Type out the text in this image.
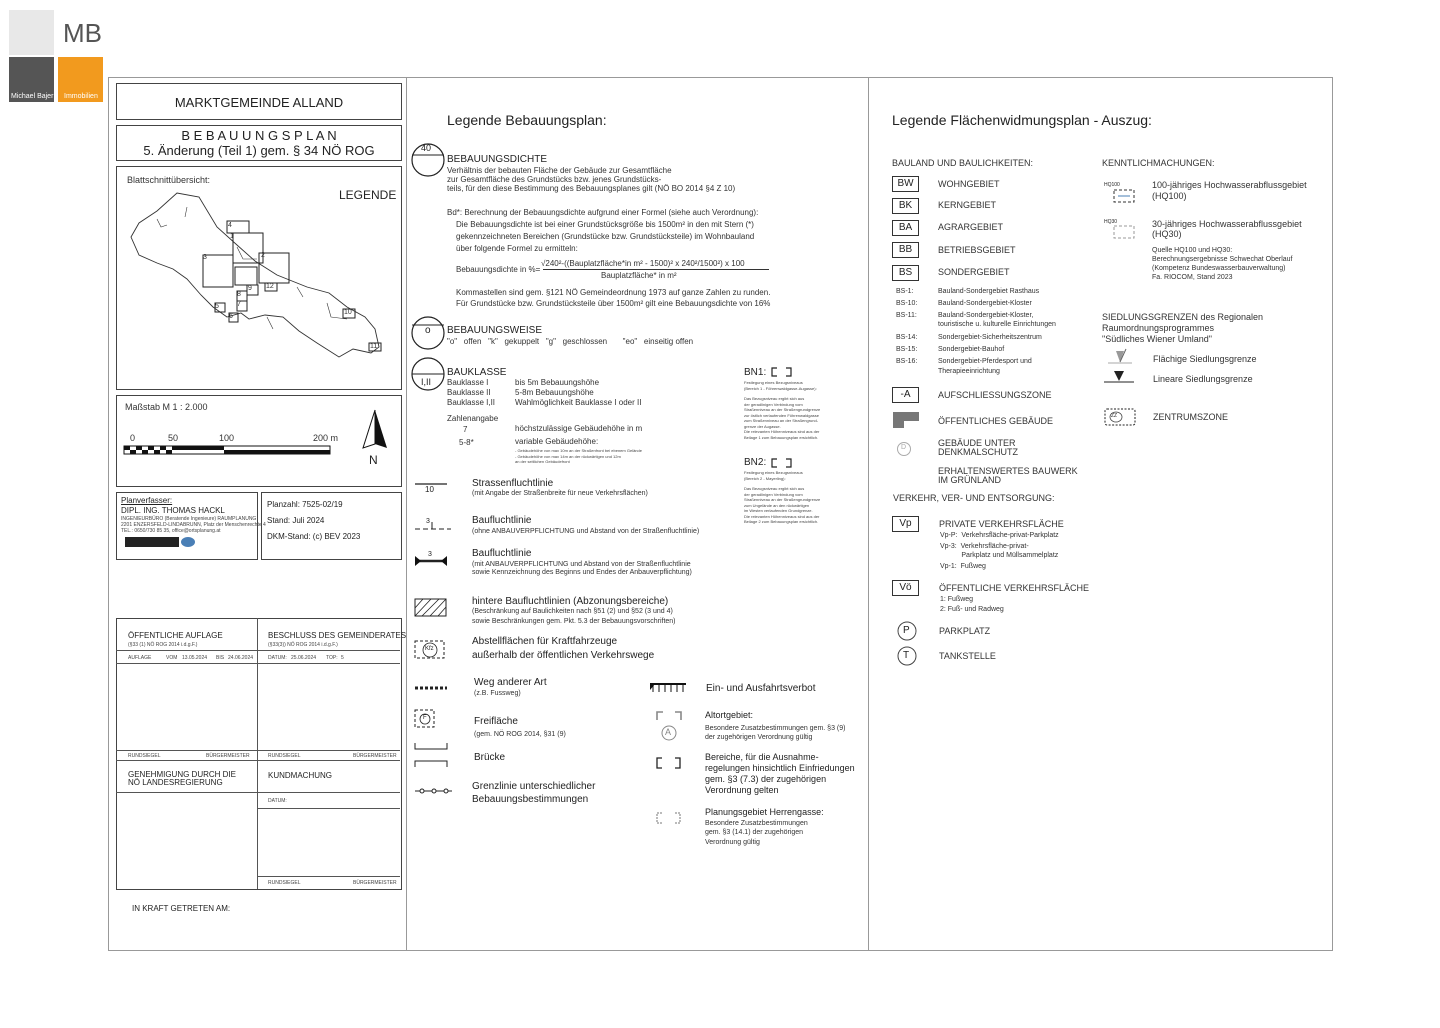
MB
Michael Bajer Immobilien	MARKTGEMEINDE ALLAND
B E B A U U N G S P L A N
5. Änderung (Teil 1) gem. § 34 NÖ ROG
Blattschnittübersicht:
LEGENDE
4
1
3	2
9
8
12
7
5
6
10
11
Maßstab M 1 : 2.000
0	50	100	200 m
N
Planverfasser:
DIPL. ING. THOMAS HACKL
INGENIEURBÜRO (Beratende Ingenieure) RAUMPLANUNG
2201 ENZERSFELD-LINDABRUNN, Platz der Menschenrechte 4
TEL.: 0650/730 85 35, office@ortsplanung.at
Planzahl: 7525-02/19
Stand: Juli 2024
DKM-Stand: (c) BEV 2023
ÖFFENTLICHE AUFLAGE
(§33 (1) NÖ ROG 2014 i.d.g.F.)
AUFLAGE	VOM 13.05.2024 BIS 24.06.2024
BESCHLUSS DES GEMEINDERATES
(§33(3)) NÖ ROG 2014 i.d.g.F.)
DATUM: 25.06.2024 TOP: 5
RUNDSIEGEL	BÜRGERMEISTER	RUNDSIEGEL	BÜRGERMEISTER
GENEHMIGUNG DURCH DIE NÖ LANDESREGIERUNG
KUNDMACHUNG
DATUM:
RUNDSIEGEL	BÜRGERMEISTER
IN KRAFT GETRETEN AM:
Legende Bebauungsplan:
40
BEBAUUNGSDICHTE
Verhältnis der bebauten Fläche der Gebäude zur Gesamtfläche
zur Gesamtfläche des Grundstücks bzw. jenes Grundstücks-
teils, für den diese Bestimmung des Bebauungsplanes gilt (NÖ BO 2014 §4 Z 10)
Bd*: Berechnung der Bebauungsdichte aufgrund einer Formel (siehe auch Verordnung):
Die Bebauungsdichte ist bei einer Grundstücksgröße bis 1500m² in den mit Stern (*)
gekennzeichneten Bereichen (Grundstücke bzw. Grundstücksteile) im Wohnbauland
über folgende Formel zu ermitteln:
Bebauungsdichte in %=
√240²-((Bauplatzfläche*in m² - 1500)² x 240²/1500²) x 100
Bauplatzfläche* in m²
Kommastellen sind gem. §121 NÖ Gemeindeordnung 1973 auf ganze Zahlen zu runden.
Für Grundstücke bzw. Grundstücksteile über 1500m² gilt eine Bebauungsdichte von 16%
o BEBAUUNGSWEISE
"o"   offen   "k"   gekuppelt   "g"   geschlossen       "eo"   einseitig offen
I,II
BAUKLASSE
Bauklasse I	bis 5m Bebauungshöhe
Bauklasse II	5-8m Bebauungshöhe
Bauklasse I,II Wahlmöglichkeit Bauklasse I oder II
Zahlenangabe
7	höchstzulässige Gebäudehöhe in m
5-8*	variable Gebäudehöhe:
- Gebäudehöhe von max 10m an der Straßenfront bei ebenem Gelände
- Gebäudehöhe von max 14m an der rückwärtigen und 12m
an der seitlichen Gebäudefront
BN1:
Festlegung eines Bezugsniveaus
(Bereich 1 - Föhrenwaldgasse-Augasse):
Das Bezugsniveau ergibt sich aus
der geradlinigen Verbindung vom
Straßenniveau an der Straßengrundgrenze
zur östlich verlaufenden Föhrenwaldgasse
zum Straßenniveau an der Straßengrund-
grenze der Augasse.
Die relevanten Höhenniveaus sind aus der
Beilage 1 zum Bebauungsplan ersichtlich.
BN2:
Festlegung eines Bezugsniveaus
(Bereich 2 - Mayerling):
Das Bezugsniveau ergibt sich aus
der geradlinigen Verbindung vom
Straßenniveau an der Straßengrundgrenze
zum Ungelände an den rückwärtigen
im Westen verlaufenden Grundgrenze.
Die relevanten Höhenniveaus sind aus der
Beilage 2 zum Bebauungsplan ersichtlich.
10
Strassenfluchtlinie
(mit Angabe der Straßenbreite für neue Verkehrsflächen)
3	Baufluchtlinie
(ohne ANBAUVERPFLICHTUNG und Abstand von der Straßenfluchtlinie)
3	Baufluchtlinie
(mit ANBAUVERPFLICHTUNG und Abstand von der Straßenfluchtlinie
sowie Kennzeichnung des Beginns und Endes der Anbauverpflichtung)
hintere Baufluchtlinien (Abzonungsbereiche)
(Beschränkung auf Baulichkeiten nach §51 (2) und §52 (3 und 4)
sowie Beschränkungen gem. Pkt. 5.3 der Bebauungsvorschriften)
Kfz
Abstellflächen für Kraftfahrzeuge
außerhalb der öffentlichen Verkehrswege
Weg anderer Art
(z.B. Fussweg)
F	Freifläche
(gem. NÖ ROG 2014, §31 (9)
Brücke
Grenzlinie unterschiedlicher
Bebauungsbestimmungen
Ein- und Ausfahrtsverbot
A
Altortgebiet:
Besondere Zusatzbestimmungen gem. §3 (9)
der zugehörigen Verordnung gültig
Bereiche, für die Ausnahme-
regelungen hinsichtlich Einfriedungen
gem. §3 (7.3) der zugehörigen
Verordnung gelten
Planungsgebiet Herrengasse:
Besondere Zusatzbestimmungen
gem. §3 (14.1) der zugehörigen
Verordnung gültig
Legende Flächenwidmungsplan - Auszug:
BAULAND UND BAULICHKEITEN:
BW	WOHNGEBIET
BK	KERNGEBIET
BA	AGRARGEBIET
BB	BETRIEBSGEBIET
BS	SONDERGEBIET
BS-1:	Bauland-Sondergebiet Rasthaus
BS-10:	Bauland-Sondergebiet-Kloster
BS-11:	Bauland-Sondergebiet-Kloster,
touristische u. kulturelle Einrichtungen
BS-14:	Sondergebiet-Sicherheitszentrum
BS-15:	Sondergebiet-Bauhof
BS-16:	Sondergebiet-Pferdesport und
Therapieeinrichtung
-A	AUFSCHLIESSUNGSZONE
ÖFFENTLICHES GEBÄUDE
D	GEBÄUDE UNTER
DENKMALSCHUTZ
ERHALTENSWERTES BAUWERK
IM GRÜNLAND
VERKEHR, VER- UND ENTSORGUNG:
Vp	PRIVATE VERKEHRSFLÄCHE
Vp-P:  Verkehrsfläche-privat-Parkplatz
Vp-3:  Verkehrsfläche-privat-
Parkplatz und Müllsammelplatz
Vp-1:  Fußweg
Vö	ÖFFENTLICHE VERKEHRSFLÄCHE
1: Fußweg
2: Fuß- und Radweg
P	PARKPLATZ
T	TANKSTELLE
KENNTLICHMACHUNGEN:
HQ100	100-jähriges Hochwasserabflussgebiet
(HQ100)
HQ30	30-jähriges Hochwasserabflussgebiet
(HQ30)
Quelle HQ100 und HQ30:
Berechnungsergebnisse Schwechat Oberlauf
(Kompetenz Bundeswasserbauverwaltung)
Fa. RIOCOM, Stand 2023
SIEDLUNGSGRENZEN des Regionalen
Raumordnungsprogrammes
"Südliches Wiener Umland"
Flächige Siedlungsgrenze
Lineare Siedlungsgrenze
ZZ	ZENTRUMSZONE
